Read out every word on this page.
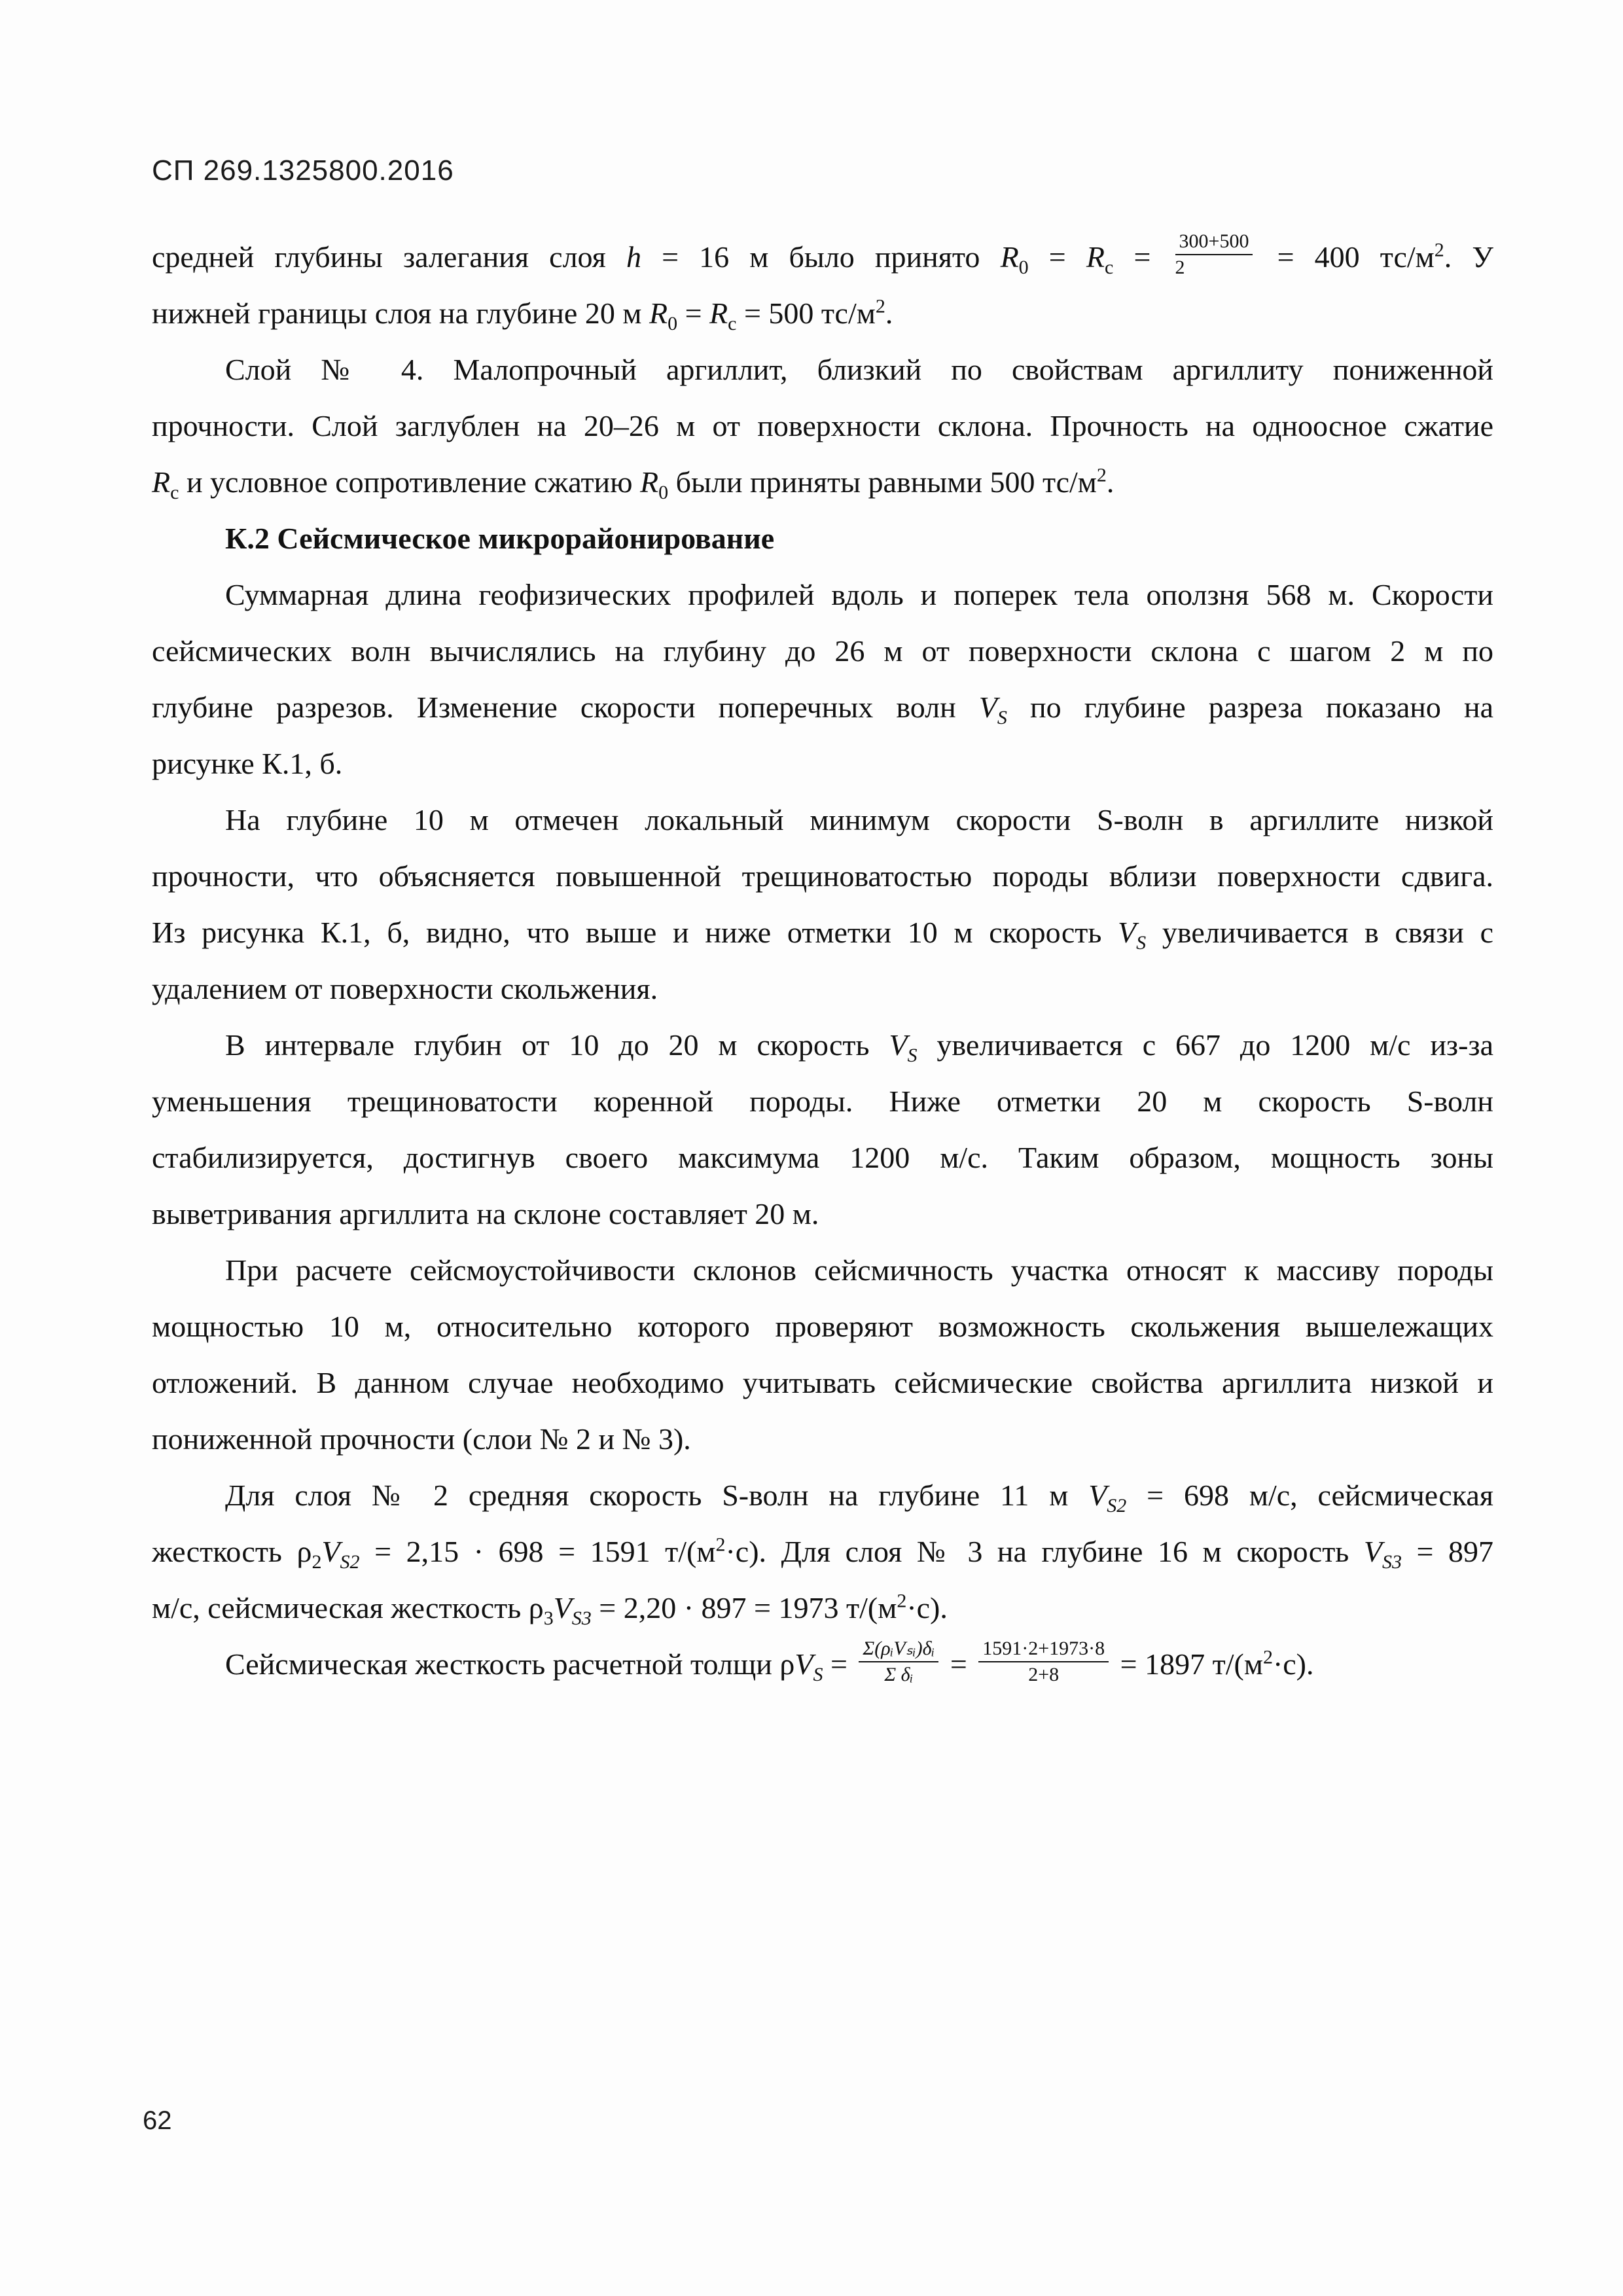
СП 269.1325800.2016
средней глубины залегания слоя h = 16 м было принято $R_0 = R_c = \frac{300+500}{2} = 400$ $тс/м^2$. У
нижней границы слоя на глубине 20 м $R_0 = R_c = 500$ $тс/м^2$.
Слой № 4. Малопрочный аргиллит, близкий по свойствам аргиллиту пониженной
прочности. Слой заглублен на 20–26 м от поверхности склона. Прочность на одноосное сжатие
$R_c$ и условное сопротивление сжатию $R_0$ были приняты равными 500 $тс/м^2$.
К.2 Сейсмическое микрорайонирование
Суммарная длина геофизических профилей вдоль и поперек тела оползня 568 м. Скорости
сейсмических волн вычислялись на глубину до 26 м от поверхности склона с шагом 2 м по
глубине разрезов. Изменение скорости поперечных волн $V_S$ по глубине разреза показано на
рисунке К.1, б.
На глубине 10 м отмечен локальный минимум скорости S-волн в аргиллите низкой
прочности, что объясняется повышенной трещиноватостью породы вблизи поверхности сдвига.
Из рисунка К.1, б, видно, что выше и ниже отметки 10 м скорость $V_S$ увеличивается в связи с
удалением от поверхности скольжения.
В интервале глубин от 10 до 20 м скорость $V_S$ увеличивается с 667 до 1200 м/с из-за
уменьшения трещиноватости коренной породы. Ниже отметки 20 м скорость S-волн
стабилизируется, достигнув своего максимума 1200 м/с. Таким образом, мощность зоны
выветривания аргиллита на склоне составляет 20 м.
При расчете сейсмоустойчивости склонов сейсмичность участка относят к массиву породы
мощностью 10 м, относительно которого проверяют возможность скольжения вышележащих
отложений. В данном случае необходимо учитывать сейсмические свойства аргиллита низкой и
пониженной прочности (слои № 2 и № 3).
Для слоя № 2 средняя скорость S-волн на глубине 11 м $V_{S2} = 698$ м/с, сейсмическая
жесткость $\rho_2V_{S2} = 2,15 \cdot 698 = 1591$ $т/(м^2\cdot с)$. Для слоя № 3 на глубине 16 м скорость $V_{S3} = 897$
м/с, сейсмическая жесткость $\rho_3V_{S3} = 2,20 \cdot 897 = 1973$ $т/(м^2\cdot с)$.
Сейсмическая жесткость расчетной толщи $\rho V_S = \frac{\text{Σ(ρᵢVₛᵢ)δᵢ}}{\text{Σ δᵢ}} = \frac{1591\cdot 2+1973\cdot 8}{2+8} = 1897$ $т/(м^2\cdot с)$.
62
